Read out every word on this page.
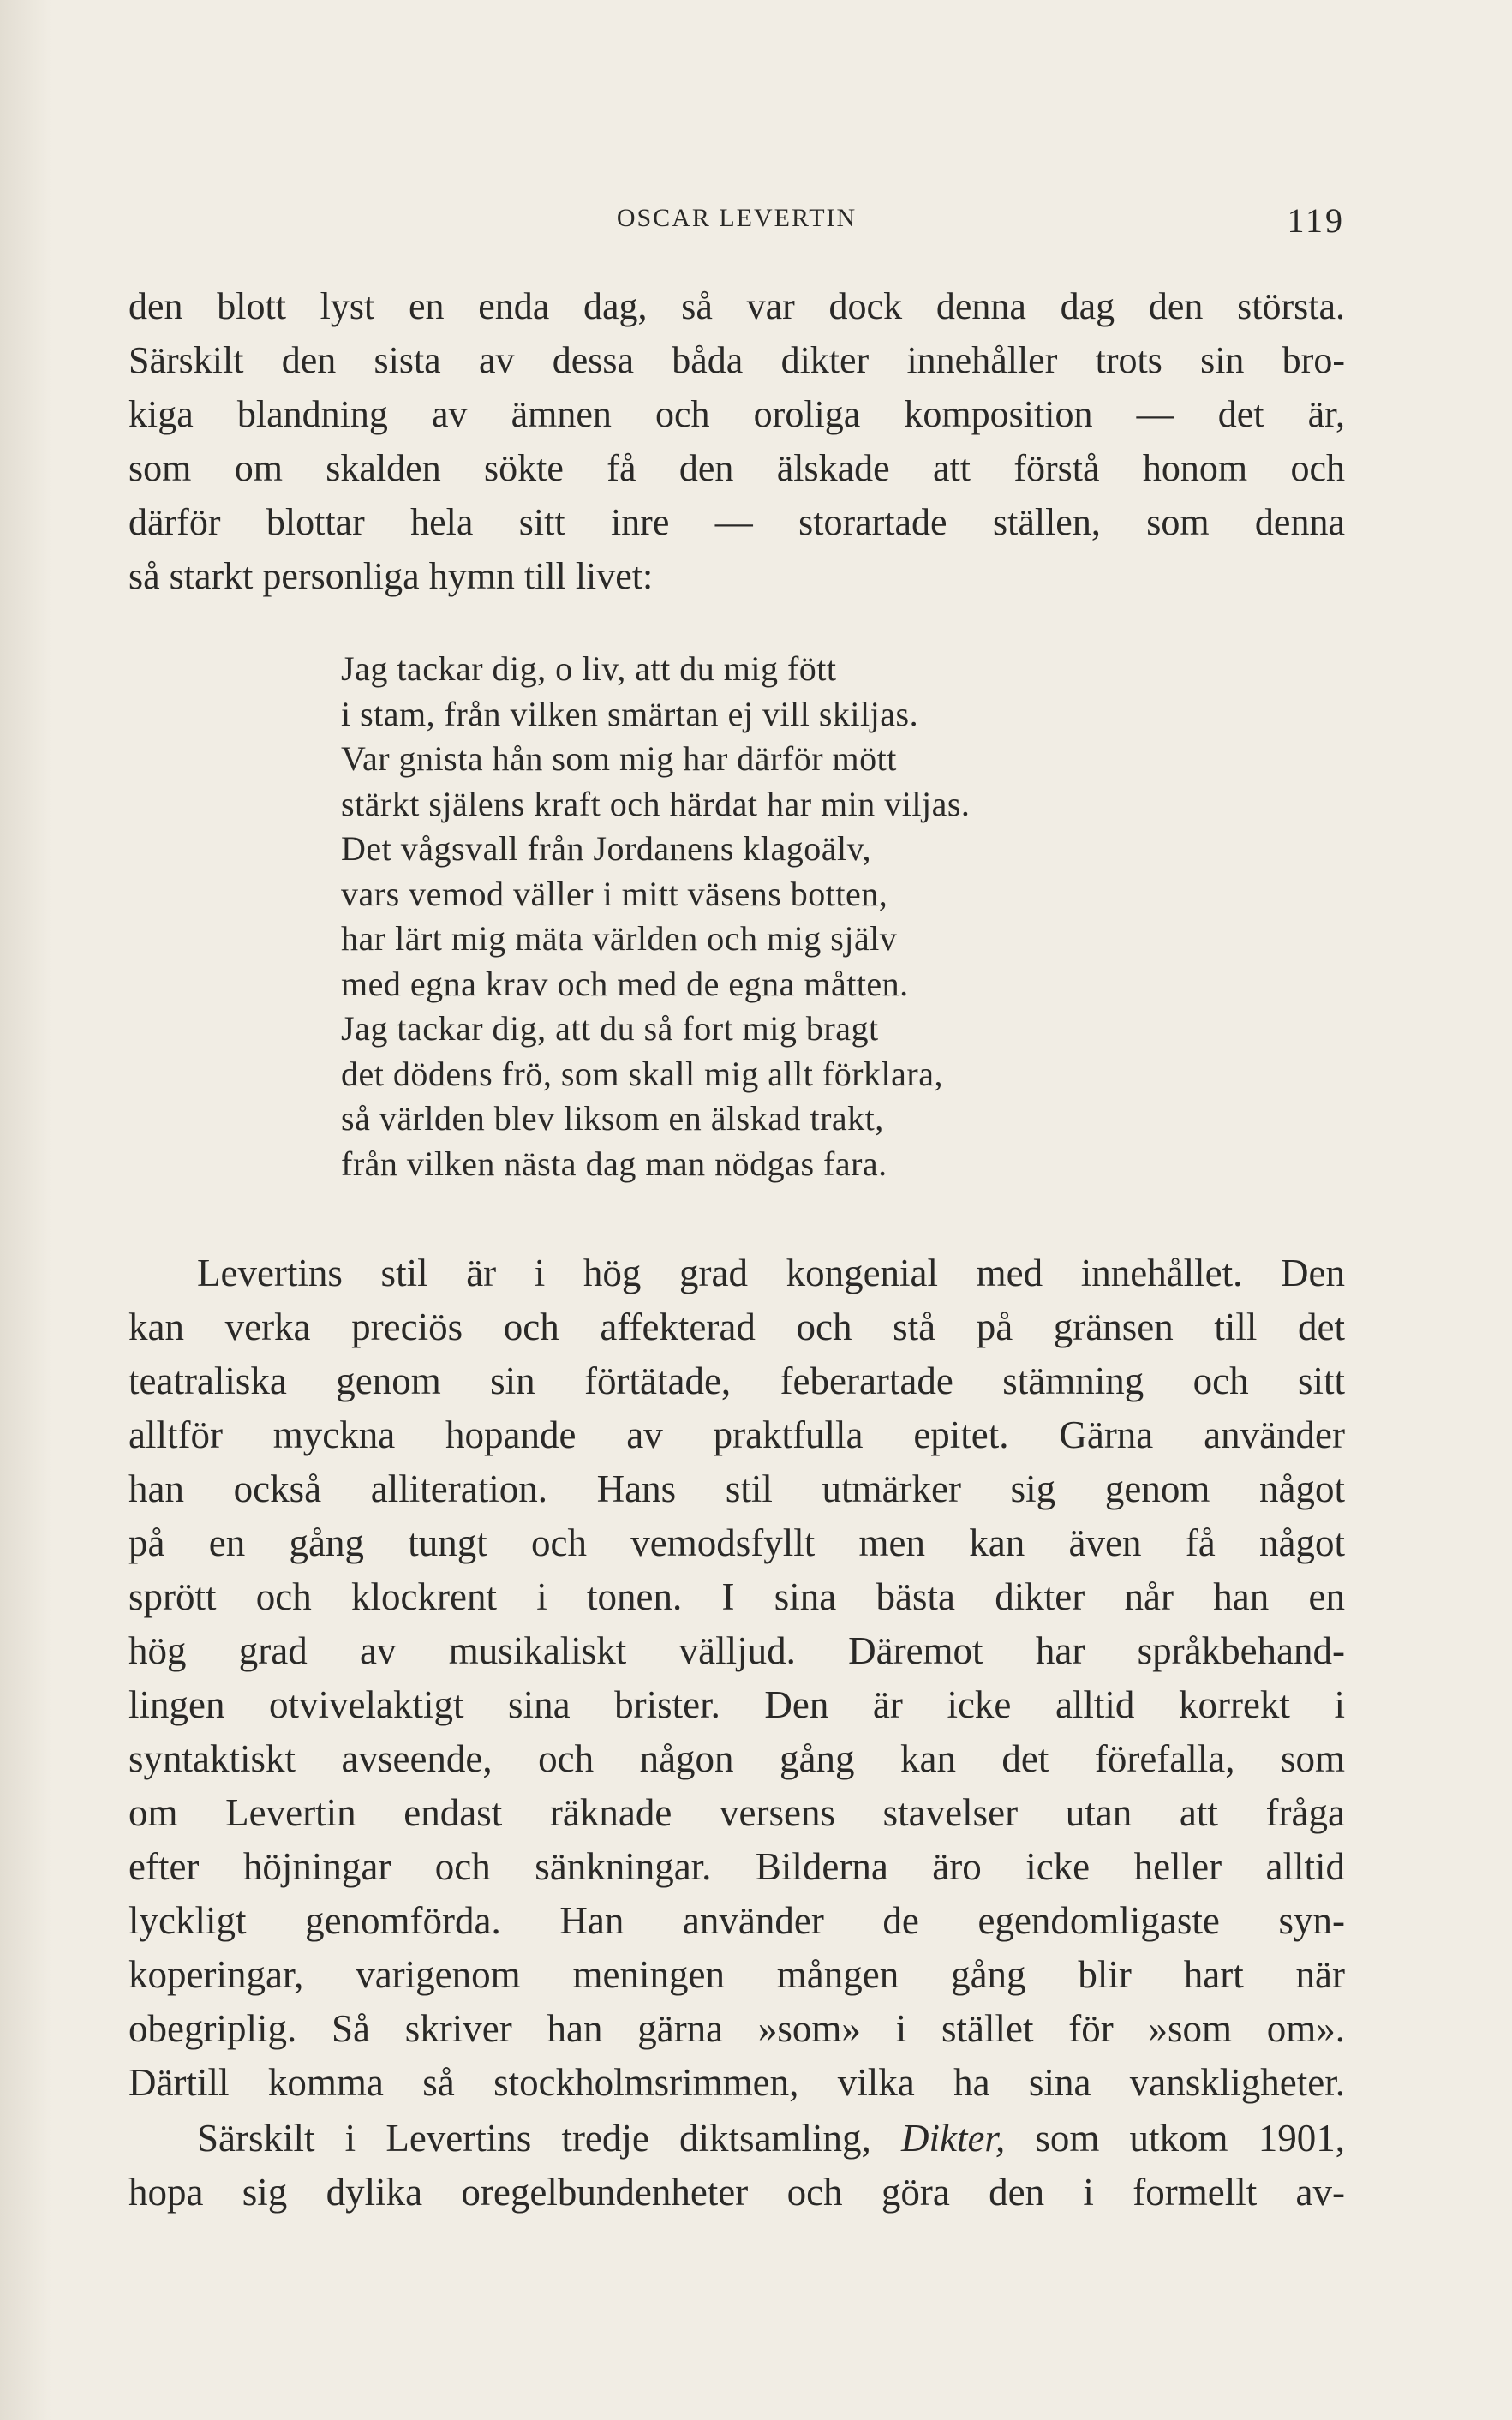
OSCAR LEVERTIN	119
den blott lyst en enda dag, så var dock denna dag den största.
Särskilt den sista av dessa båda dikter innehåller trots sin bro-
kiga blandning av ämnen och oroliga komposition — det är,
som om skalden sökte få den älskade att förstå honom och
därför blottar hela sitt inre — storartade ställen, som denna
så starkt personliga hymn till livet:
Jag tackar dig, o liv, att du mig fött
i stam, från vilken smärtan ej vill skiljas.
Var gnista hån som mig har därför mött
stärkt själens kraft och härdat har min viljas.
Det vågsvall från Jordanens klagoälv,
vars vemod väller i mitt väsens botten,
har lärt mig mäta världen och mig själv
med egna krav och med de egna måtten.
Jag tackar dig, att du så fort mig bragt
det dödens frö, som skall mig allt förklara,
så världen blev liksom en älskad trakt,
från vilken nästa dag man nödgas fara.
Levertins stil är i hög grad kongenial med innehållet. Den
kan verka preciös och affekterad och stå på gränsen till det
teatraliska genom sin förtätade, feberartade stämning och sitt
alltför myckna hopande av praktfulla epitet. Gärna använder
han också alliteration. Hans stil utmärker sig genom något
på en gång tungt och vemodsfyllt men kan även få något
sprött och klockrent i tonen. I sina bästa dikter når han en
hög grad av musikaliskt välljud. Däremot har språkbehand-
lingen otvivelaktigt sina brister. Den är icke alltid korrekt i
syntaktiskt avseende, och någon gång kan det förefalla, som
om Levertin endast räknade versens stavelser utan att fråga
efter höjningar och sänkningar. Bilderna äro icke heller alltid
lyckligt genomförda. Han använder de egendomligaste syn-
koperingar, varigenom meningen mången gång blir hart när
obegriplig. Så skriver han gärna »som» i stället för »som om».
Därtill komma så stockholmsrimmen, vilka ha sina vanskligheter.
Särskilt i Levertins tredje diktsamling, Dikter, som utkom 1901,
hopa sig dylika oregelbundenheter och göra den i formellt av-
